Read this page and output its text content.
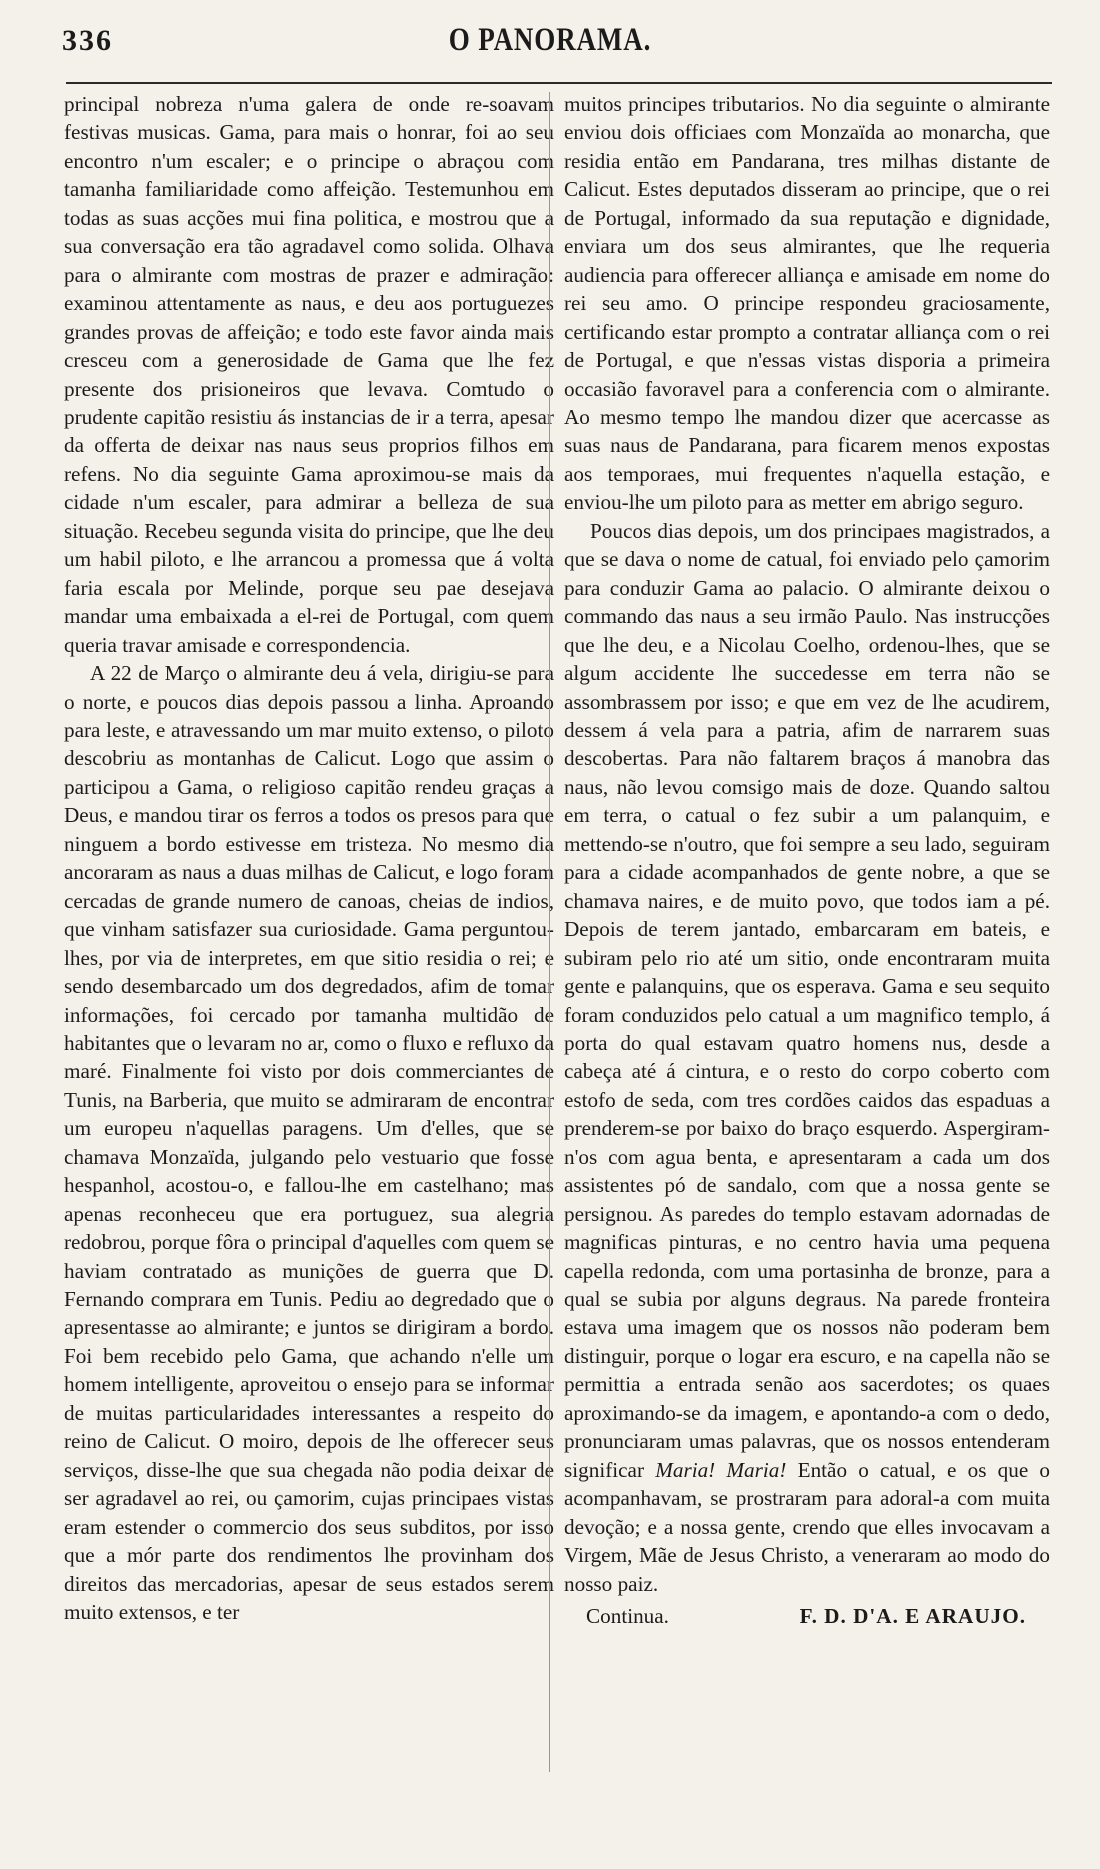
336	O PANORAMA.

principal nobreza n'uma galera de onde re-soavam festivas musicas. Gama, para mais o honrar, foi ao seu encontro n'um escaler; e o principe o abraçou com tamanha familiaridade como affeição. Testemunhou em todas as suas acções mui fina politica, e mostrou que a sua conversação era tão agradavel como solida. Olhava para o almirante com mostras de prazer e admiração: examinou attentamente as naus, e deu aos portuguezes grandes provas de affeição; e todo este favor ainda mais cresceu com a generosidade de Gama que lhe fez presente dos prisioneiros que levava. Comtudo o prudente capitão resistiu ás instancias de ir a terra, apesar da offerta de deixar nas naus seus proprios filhos em refens. No dia seguinte Gama aproximou-se mais da cidade n'um escaler, para admirar a belleza de sua situação. Recebeu segunda visita do principe, que lhe deu um habil piloto, e lhe arrancou a promessa que á volta faria escala por Melinde, porque seu pae desejava mandar uma embaixada a el-rei de Portugal, com quem queria travar amisade e correspondencia.

A 22 de Março o almirante deu á vela, dirigiu-se para o norte, e poucos dias depois passou a linha. Aproando para leste, e atravessando um mar muito extenso, o piloto descobriu as montanhas de Calicut. Logo que assim o participou a Gama, o religioso capitão rendeu graças a Deus, e mandou tirar os ferros a todos os presos para que ninguem a bordo estivesse em tristeza. No mesmo dia ancoraram as naus a duas milhas de Calicut, e logo foram cercadas de grande numero de canoas, cheias de indios, que vinham satisfazer sua curiosidade. Gama perguntou-lhes, por via de interpretes, em que sitio residia o rei; e sendo desembarcado um dos degredados, afim de tomar informações, foi cercado por tamanha multidão de habitantes que o levaram no ar, como o fluxo e refluxo da maré. Finalmente foi visto por dois commerciantes de Tunis, na Barberia, que muito se admiraram de encontrar um europeu n'aquellas paragens. Um d'elles, que se chamava Monzaïda, julgando pelo vestuario que fosse hespanhol, acostou-o, e fallou-lhe em castelhano; mas apenas reconheceu que era portuguez, sua alegria redobrou, porque fôra o principal d'aquelles com quem se haviam contratado as munições de guerra que D. Fernando comprara em Tunis. Pediu ao degredado que o apresentasse ao almirante; e juntos se dirigiram a bordo. Foi bem recebido pelo Gama, que achando n'elle um homem intelligente, aproveitou o ensejo para se informar de muitas particularidades interessantes a respeito do reino de Calicut. O moiro, depois de lhe offerecer seus serviços, disse-lhe que sua chegada não podia deixar de ser agradavel ao rei, ou çamorim, cujas principaes vistas eram estender o commercio dos seus subditos, por isso que a mór parte dos rendimentos lhe provinham dos direitos das mercadorias, apesar de seus estados serem muito extensos, e ter

muitos principes tributarios. No dia seguinte o almirante enviou dois officiaes com Monzaïda ao monarcha, que residia então em Pandarana, tres milhas distante de Calicut. Estes deputados disseram ao principe, que o rei de Portugal, informado da sua reputação e dignidade, enviara um dos seus almirantes, que lhe requeria audiencia para offerecer alliança e amisade em nome do rei seu amo. O principe respondeu graciosamente, certificando estar prompto a contratar alliança com o rei de Portugal, e que n'essas vistas disporia a primeira occasião favoravel para a conferencia com o almirante. Ao mesmo tempo lhe mandou dizer que acercasse as suas naus de Pandarana, para ficarem menos expostas aos temporaes, mui frequentes n'aquella estação, e enviou-lhe um piloto para as metter em abrigo seguro.

Poucos dias depois, um dos principaes magistrados, a que se dava o nome de catual, foi enviado pelo çamorim para conduzir Gama ao palacio. O almirante deixou o commando das naus a seu irmão Paulo. Nas instrucções que lhe deu, e a Nicolau Coelho, ordenou-lhes, que se algum accidente lhe succedesse em terra não se assombrassem por isso; e que em vez de lhe acudirem, dessem á vela para a patria, afim de narrarem suas descobertas. Para não faltarem braços á manobra das naus, não levou comsigo mais de doze. Quando saltou em terra, o catual o fez subir a um palanquim, e mettendo-se n'outro, que foi sempre a seu lado, seguiram para a cidade acompanhados de gente nobre, a que se chamava naires, e de muito povo, que todos iam a pé. Depois de terem jantado, embarcaram em bateis, e subiram pelo rio até um sitio, onde encontraram muita gente e palanquins, que os esperava. Gama e seu sequito foram conduzidos pelo catual a um magnifico templo, á porta do qual estavam quatro homens nus, desde a cabeça até á cintura, e o resto do corpo coberto com estofo de seda, com tres cordões caidos das espaduas a prenderem-se por baixo do braço esquerdo. Aspergiram-n'os com agua benta, e apresentaram a cada um dos assistentes pó de sandalo, com que a nossa gente se persignou. As paredes do templo estavam adornadas de magnificas pinturas, e no centro havia uma pequena capella redonda, com uma portasinha de bronze, para a qual se subia por alguns degraus. Na parede fronteira estava uma imagem que os nossos não poderam bem distinguir, porque o logar era escuro, e na capella não se permittia a entrada senão aos sacerdotes; os quaes aproximando-se da imagem, e apontando-a com o dedo, pronunciaram umas palavras, que os nossos entenderam significar Maria! Maria! Então o catual, e os que o acompanhavam, se prostraram para adoral-a com muita devoção; e a nossa gente, crendo que elles invocavam a Virgem, Mãe de Jesus Christo, a veneraram ao modo do nosso paiz.

Continua.	F. D. D'A. E ARAUJO.
